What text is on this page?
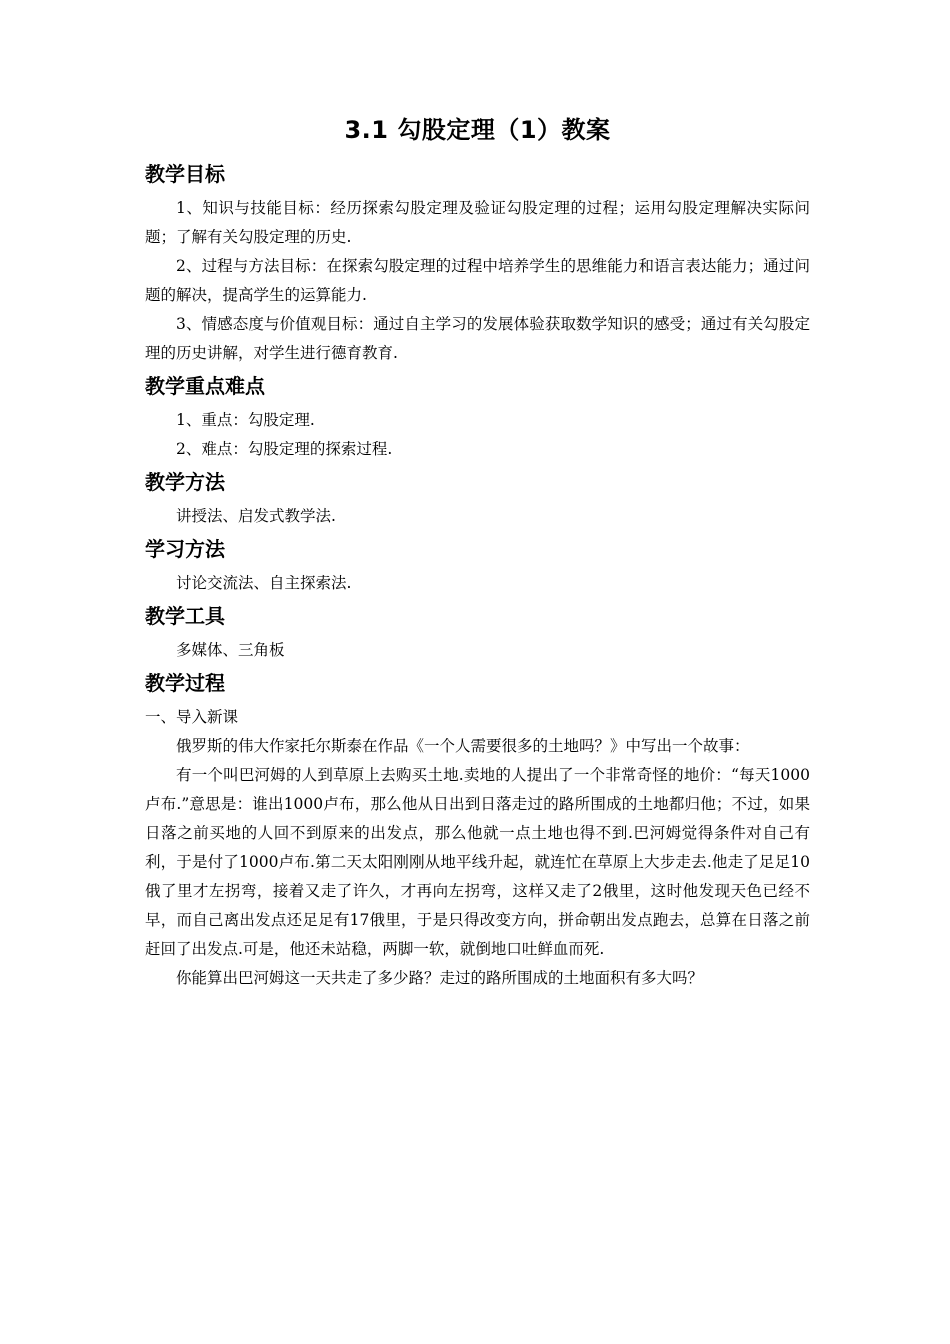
3.1 勾股定理（1）教案
教学目标

1、知识与技能目标：经历探索勾股定理及验证勾股定理的过程；运用勾股定理解决实际问题；了解有关勾股定理的历史.

2、过程与方法目标：在探索勾股定理的过程中培养学生的思维能力和语言表达能力；通过问题的解决，提高学生的运算能力.

3、情感态度与价值观目标：通过自主学习的发展体验获取数学知识的感受；通过有关勾股定理的历史讲解，对学生进行德育教育.

教学重点难点

1、重点：勾股定理.

2、难点：勾股定理的探索过程.

教学方法

讲授法、启发式教学法.

学习方法

讨论交流法、自主探索法.

教学工具

多媒体、三角板

教学过程

一、导入新课

俄罗斯的伟大作家托尔斯泰在作品《一个人需要很多的土地吗？》中写出一个故事：

有一个叫巴河姆的人到草原上去购买土地.卖地的人提出了一个非常奇怪的地价：“每天1000卢布.”意思是：谁出1000卢布，那么他从日出到日落走过的路所围成的土地都归他；不过，如果日落之前买地的人回不到原来的出发点，那么他就一点土地也得不到.巴河姆觉得条件对自己有利，于是付了1000卢布.第二天太阳刚刚从地平线升起，就连忙在草原上大步走去.他走了足足10俄了里才左拐弯，接着又走了许久，才再向左拐弯，这样又走了2俄里，这时他发现天色已经不早，而自己离出发点还足足有17俄里，于是只得改变方向，拼命朝出发点跑去，总算在日落之前赶回了出发点.可是，他还未站稳，两脚一软，就倒地口吐鲜血而死.

你能算出巴河姆这一天共走了多少路？走过的路所围成的土地面积有多大吗？
